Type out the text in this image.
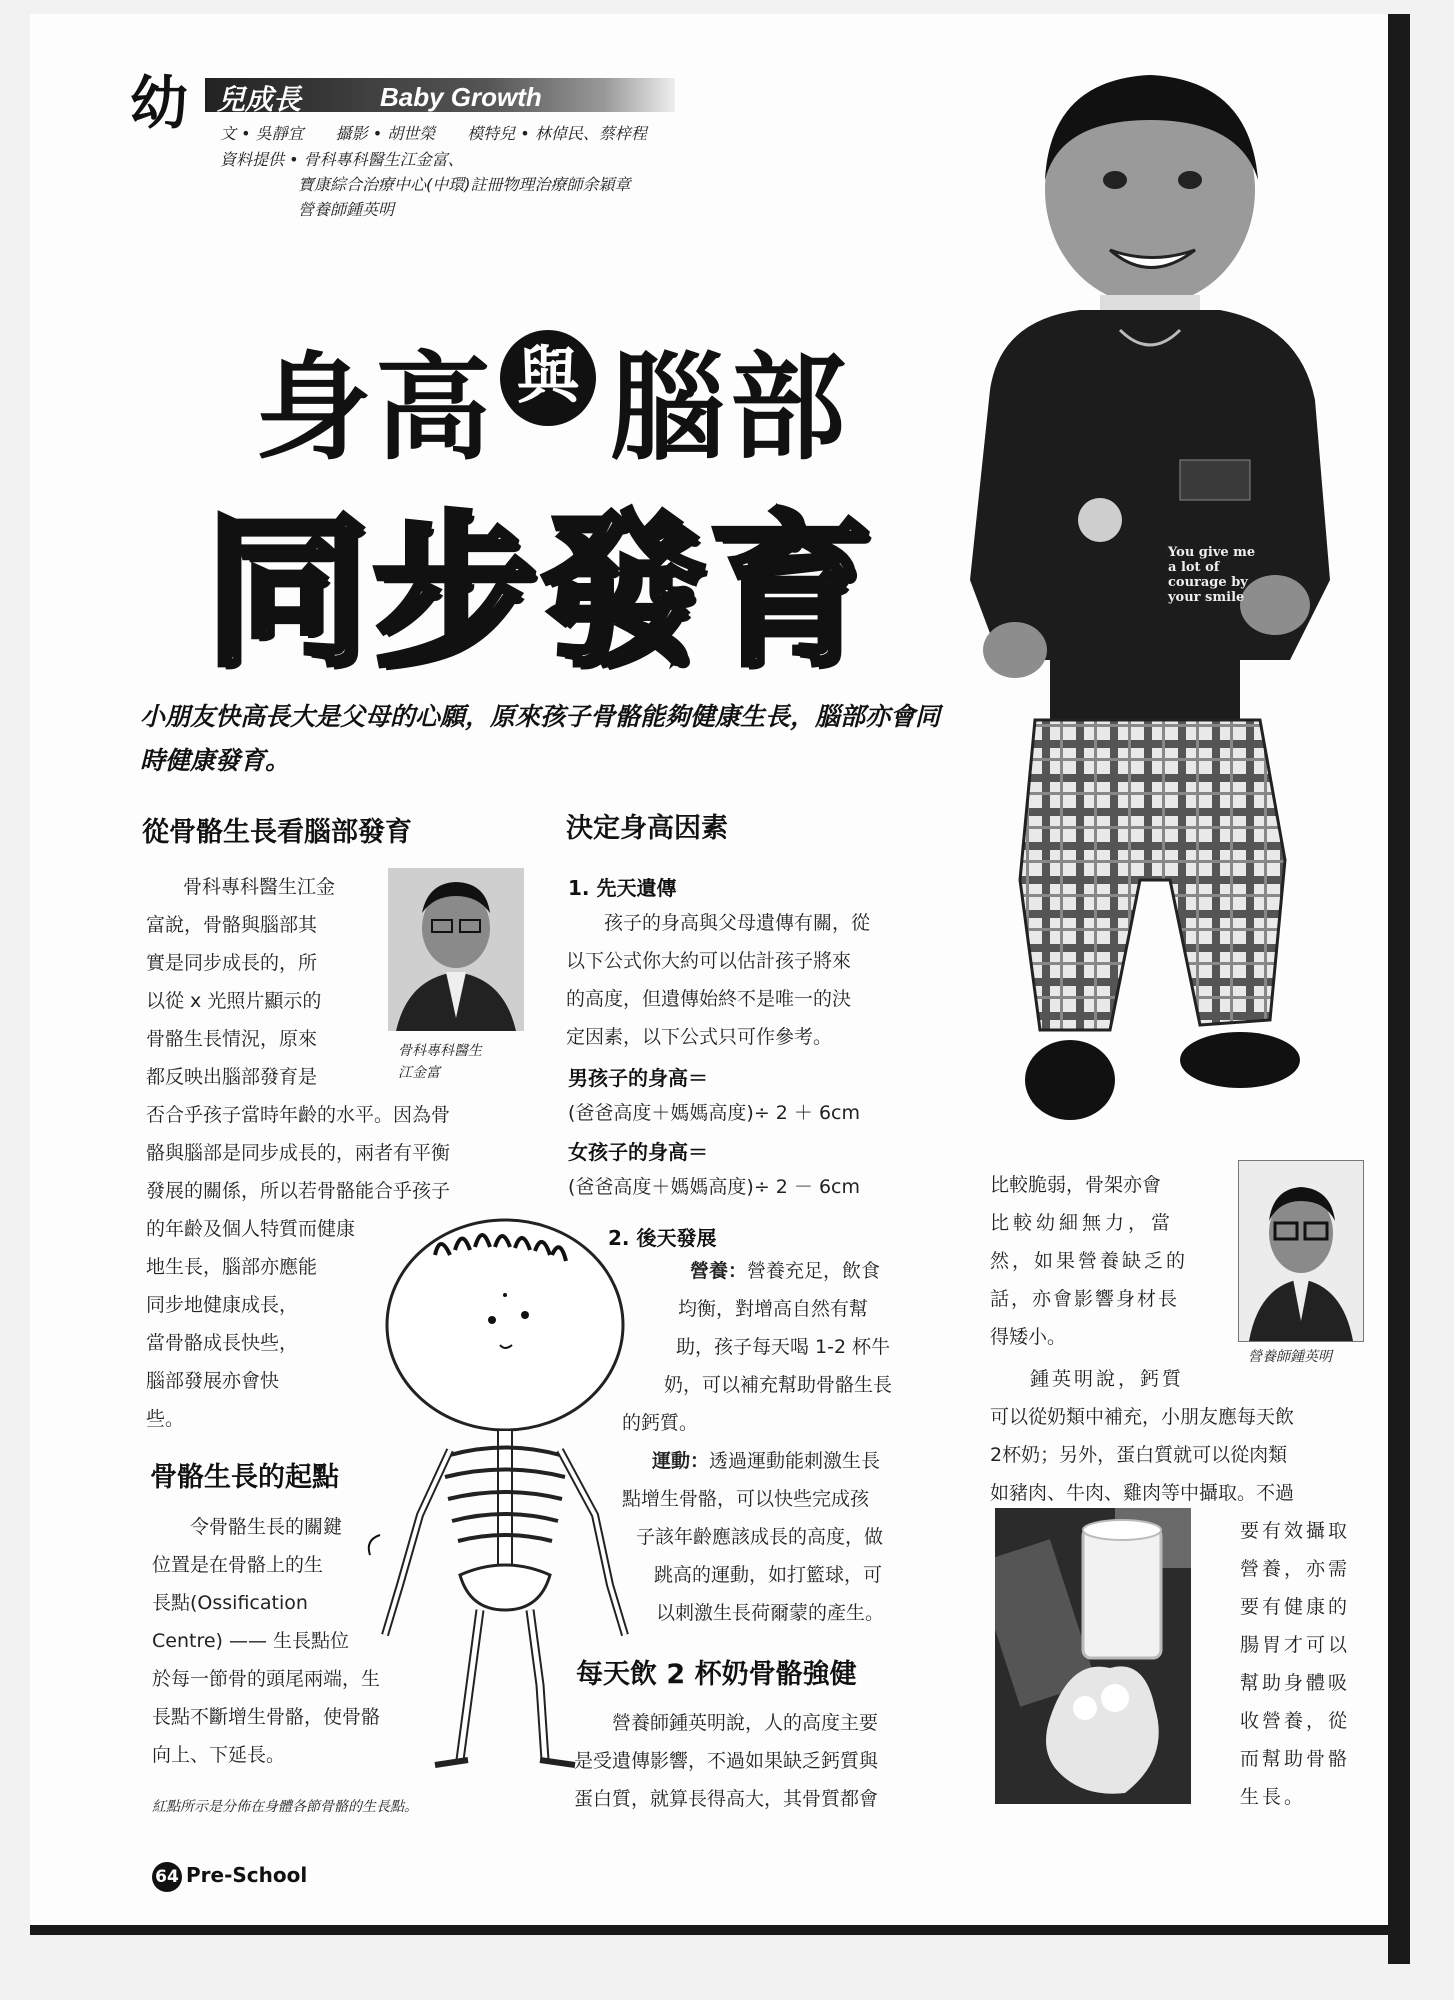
幼 兒成長	Baby Growth
文 • 吳靜宜　　攝影 • 胡世榮　　模特兒 • 林倬民、蔡梓程
資料提供 • 骨科專科醫生江金富、
寶康綜合治療中心(中環)註冊物理治療師余穎章
營養師鍾英明
身高 與 腦部
同步發育	You give me a lot of courage by your smile
小朋友快高長大是父母的心願，原來孩子骨骼能夠健康生長，腦部亦會同時健康發育。
從骨骼生長看腦部發育
骨科專科醫生
江金富
骨科專科醫生江金
富說，骨骼與腦部其
實是同步成長的，所
以從 x 光照片顯示的
骨骼生長情況，原來
都反映出腦部發育是
否合乎孩子當時年齡的水平。因為骨
骼與腦部是同步成長的，兩者有平衡
發展的關係，所以若骨骼能合乎孩子
的年齡及個人特質而健康
地生長，腦部亦應能
同步地健康成長，
當骨骼成長快些，
腦部發展亦會快
些。
骨骼生長的起點
令骨骼生長的關鍵
位置是在骨骼上的生
長點(Ossification
Centre) —— 生長點位
於每一節骨的頭尾兩端，生
長點不斷增生骨骼，使骨骼
向上、下延長。
紅點所示是分佈在身體各節骨骼的生長點。
決定身高因素
1. 先天遺傳
孩子的身高與父母遺傳有關，從
以下公式你大約可以估計孩子將來
的高度，但遺傳始終不是唯一的決
定因素，以下公式只可作參考。
男孩子的身高＝
(爸爸高度＋媽媽高度)÷ 2 ＋ 6cm
女孩子的身高＝
(爸爸高度＋媽媽高度)÷ 2 － 6cm
2. 後天發展
營養：營養充足，飲食
均衡，對增高自然有幫
助，孩子每天喝 1-2 杯牛
奶，可以補充幫助骨骼生長
的鈣質。
運動：透過運動能刺激生長
點增生骨骼，可以快些完成孩
子該年齡應該成長的高度，做
跳高的運動，如打籃球，可
以刺激生長荷爾蒙的產生。
每天飲 2 杯奶骨骼強健
營養師鍾英明說，人的高度主要
是受遺傳影響，不過如果缺乏鈣質與
蛋白質，就算長得高大，其骨質都會
比較脆弱，骨架亦會
比較幼細無力，當
然，如果營養缺乏的
話，亦會影響身材長
得矮小。
營養師鍾英明
鍾英明說，鈣質
可以從奶類中補充，小朋友應每天飲
2杯奶；另外，蛋白質就可以從肉類
如豬肉、牛肉、雞肉等中攝取。不過
要有效攝取
營養，亦需
要有健康的
腸胃才可以
幫助身體吸
收營養，從
而幫助骨骼
生長。
64 Pre-School
